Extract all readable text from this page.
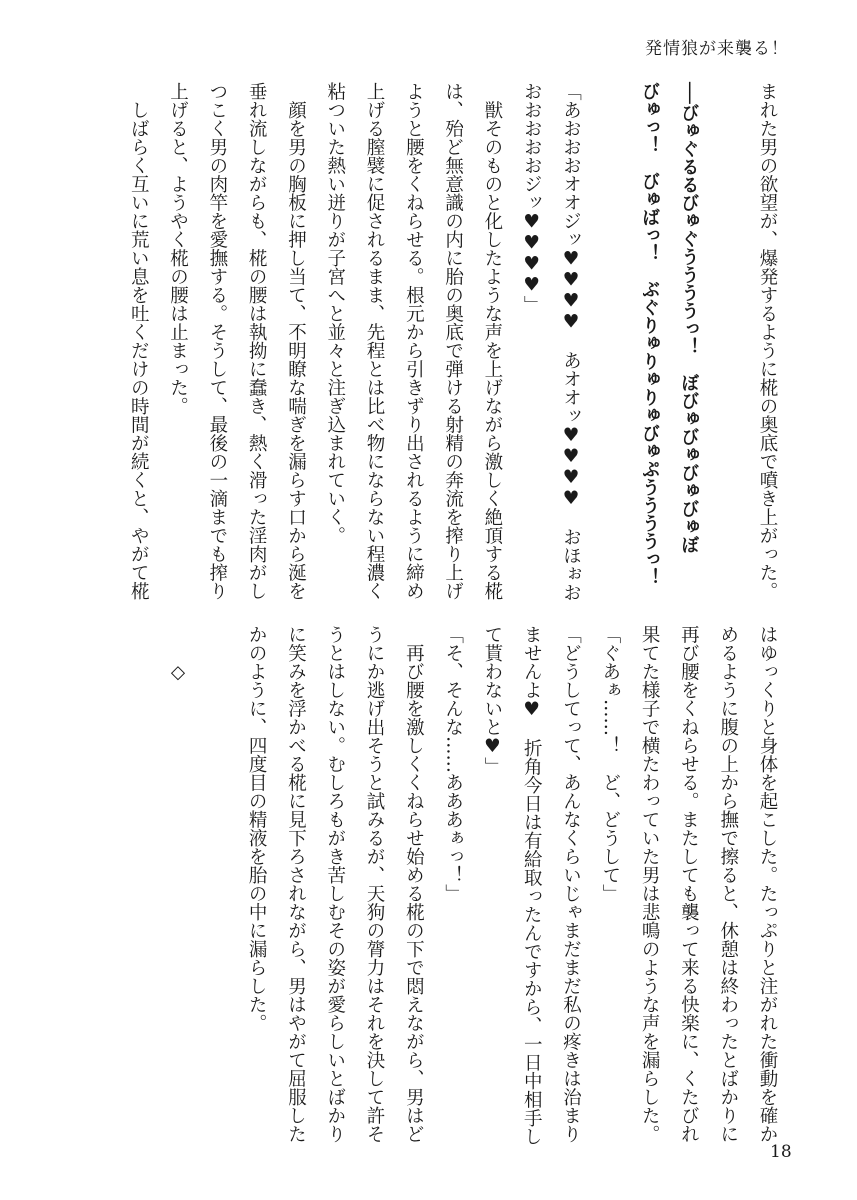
発情狼が来襲る！

まれた男の欲望が、爆発するように椛の奥底で噴き上がった。

──びゅぐるるびゅぐううううっ！　ぼびゅびゅびゅびゅぼ

びゅっ！　びゅばっ！　ぶぐりゅりゅりゅびゅぷううううっ！

「あおおおオオジッ♥♥♥♥　あオオッ♥♥♥♥　おほぉお

おおおおおジッ♥♥♥♥」

　獣そのものと化したような声を上げながら激しく絶頂する椛

は、殆ど無意識の内に胎の奥底で弾ける射精の奔流を搾り上げ

ようと腰をくねらせる。根元から引きずり出されるように締め

上げる膣襞に促されるまま、先程とは比べ物にならない程濃く

粘ついた熱い迸りが子宮へと並々と注ぎ込まれていく。

　顔を男の胸板に押し当て、不明瞭な喘ぎを漏らす口から涎を

垂れ流しながらも、椛の腰は執拗に蠢き、熱く滑った淫肉がし

つこく男の肉竿を愛撫する。そうして、最後の一滴までも搾り

上げると、ようやく椛の腰は止まった。

　しばらく互いに荒い息を吐くだけの時間が続くと、やがて椛

はゆっくりと身体を起こした。たっぷりと注がれた衝動を確か

めるように腹の上から撫で擦ると、休憩は終わったとばかりに

再び腰をくねらせる。またしても襲って来る快楽に、くたびれ

果てた様子で横たわっていた男は悲鳴のような声を漏らした。

「ぐあぁ……！　ど、どうして」

「どうしてって、あんなくらいじゃまだまだ私の疼きは治まり

ませんよ♥　折角今日は有給取ったんですから、一日中相手し

て貰わないと♥」

「そ、そんな……あああぁっ！」

　再び腰を激しくくねらせ始める椛の下で悶えながら、男はど

うにか逃げ出そうと試みるが、天狗の膂力はそれを決して許そ

うとはしない。むしろもがき苦しむその姿が愛らしいとばかり

に笑みを浮かべる椛に見下ろされながら、男はやがて屈服した

かのように、四度目の精液を胎の中に漏らした。

◇

18
